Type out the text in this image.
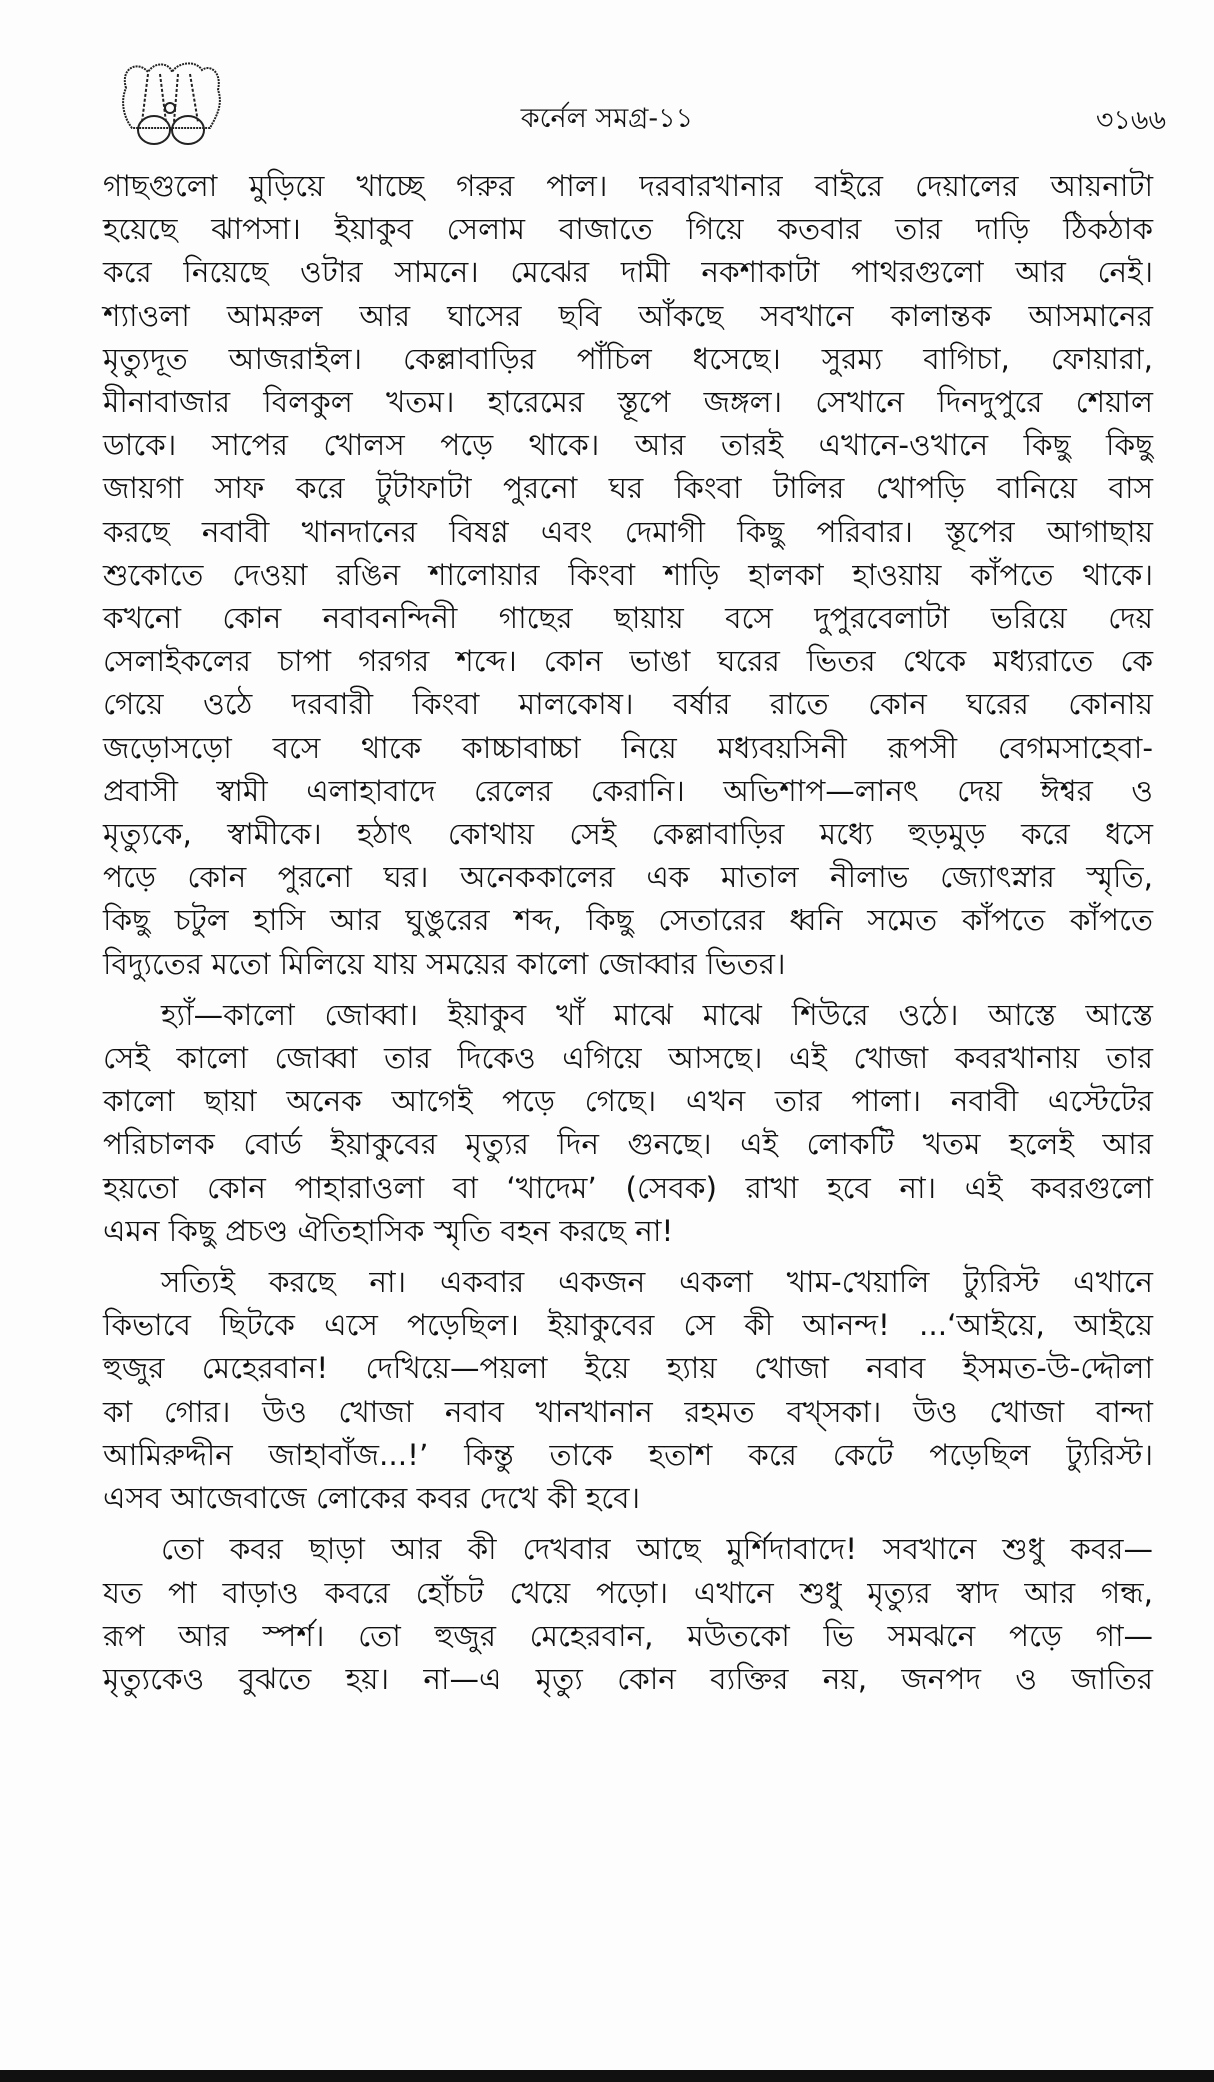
কর্নেল সমগ্র-১১	৩১৬৬

গাছগুলো মুড়িয়ে খাচ্ছে গরুর পাল। দরবারখানার বাইরে দেয়ালের আয়নাটা
হয়েছে ঝাপসা। ইয়াকুব সেলাম বাজাতে গিয়ে কতবার তার দাড়ি ঠিকঠাক
করে নিয়েছে ওটার সামনে। মেঝের দামী নকশাকাটা পাথরগুলো আর নেই।
শ্যাওলা আমরুল আর ঘাসের ছবি আঁকছে সবখানে কালান্তক আসমানের
মৃত্যুদূত আজরাইল। কেল্লাবাড়ির পাঁচিল ধসেছে। সুরম্য বাগিচা, ফোয়ারা,
মীনাবাজার বিলকুল খতম। হারেমের স্তূপে জঙ্গল। সেখানে দিনদুপুরে শেয়াল
ডাকে। সাপের খোলস পড়ে থাকে। আর তারই এখানে-ওখানে কিছু কিছু
জায়গা সাফ করে টুটাফাটা পুরনো ঘর কিংবা টালির খোপড়ি বানিয়ে বাস
করছে নবাবী খানদানের বিষণ্ণ এবং দেমাগী কিছু পরিবার। স্তূপের আগাছায়
শুকোতে দেওয়া রঙিন শালোয়ার কিংবা শাড়ি হালকা হাওয়ায় কাঁপতে থাকে।
কখনো কোন নবাবনন্দিনী গাছের ছায়ায় বসে দুপুরবেলাটা ভরিয়ে দেয়
সেলাইকলের চাপা গরগর শব্দে। কোন ভাঙা ঘরের ভিতর থেকে মধ্যরাতে কে
গেয়ে ওঠে দরবারী কিংবা মালকোষ। বর্ষার রাতে কোন ঘরের কোনায়
জড়োসড়ো বসে থাকে কাচ্চাবাচ্চা নিয়ে মধ্যবয়সিনী রূপসী বেগমসাহেবা-
প্রবাসী স্বামী এলাহাবাদে রেলের কেরানি। অভিশাপ—লানৎ দেয় ঈশ্বর ও
মৃত্যুকে, স্বামীকে। হঠাৎ কোথায় সেই কেল্লাবাড়ির মধ্যে হুড়মুড় করে ধসে
পড়ে কোন পুরনো ঘর। অনেককালের এক মাতাল নীলাভ জ্যোৎস্নার স্মৃতি,
কিছু চটুল হাসি আর ঘুঙুরের শব্দ, কিছু সেতারের ধ্বনি সমেত কাঁপতে কাঁপতে
বিদ্যুতের মতো মিলিয়ে যায় সময়ের কালো জোব্বার ভিতর।

হ্যাঁ—কালো জোব্বা। ইয়াকুব খাঁ মাঝে মাঝে শিউরে ওঠে। আস্তে আস্তে
সেই কালো জোব্বা তার দিকেও এগিয়ে আসছে। এই খোজা কবরখানায় তার
কালো ছায়া অনেক আগেই পড়ে গেছে। এখন তার পালা। নবাবী এস্টেটের
পরিচালক বোর্ড ইয়াকুবের মৃত্যুর দিন গুনছে। এই লোকটি খতম হলেই আর
হয়তো কোন পাহারাওলা বা ‘খাদেম’ (সেবক) রাখা হবে না। এই কবরগুলো
এমন কিছু প্রচণ্ড ঐতিহাসিক স্মৃতি বহন করছে না!

সত্যিই করছে না। একবার একজন একলা খাম-খেয়ালি ট্যুরিস্ট এখানে
কিভাবে ছিটকে এসে পড়েছিল। ইয়াকুবের সে কী আনন্দ! ...‘আইয়ে, আইয়ে
হুজুর মেহেরবান! দেখিয়ে—পয়লা ইয়ে হ্যায় খোজা নবাব ইসমত-উ-দ্দৌলা
কা গোর। উও খোজা নবাব খানখানান রহমত বখ্সকা। উও খোজা বান্দা
আমিরুদ্দীন জাহাবাঁজ...!’ কিন্তু তাকে হতাশ করে কেটে পড়েছিল ট্যুরিস্ট।
এসব আজেবাজে লোকের কবর দেখে কী হবে।

তো কবর ছাড়া আর কী দেখবার আছে মুর্শিদাবাদে! সবখানে শুধু কবর—
যত পা বাড়াও কবরে হোঁচট খেয়ে পড়ো। এখানে শুধু মৃত্যুর স্বাদ আর গন্ধ,
রূপ আর স্পর্শ। তো হুজুর মেহেরবান, মউতকো ভি সমঝনে পড়ে গা—
মৃত্যুকেও বুঝতে হয়। না—এ মৃত্যু কোন ব্যক্তির নয়, জনপদ ও জাতির
